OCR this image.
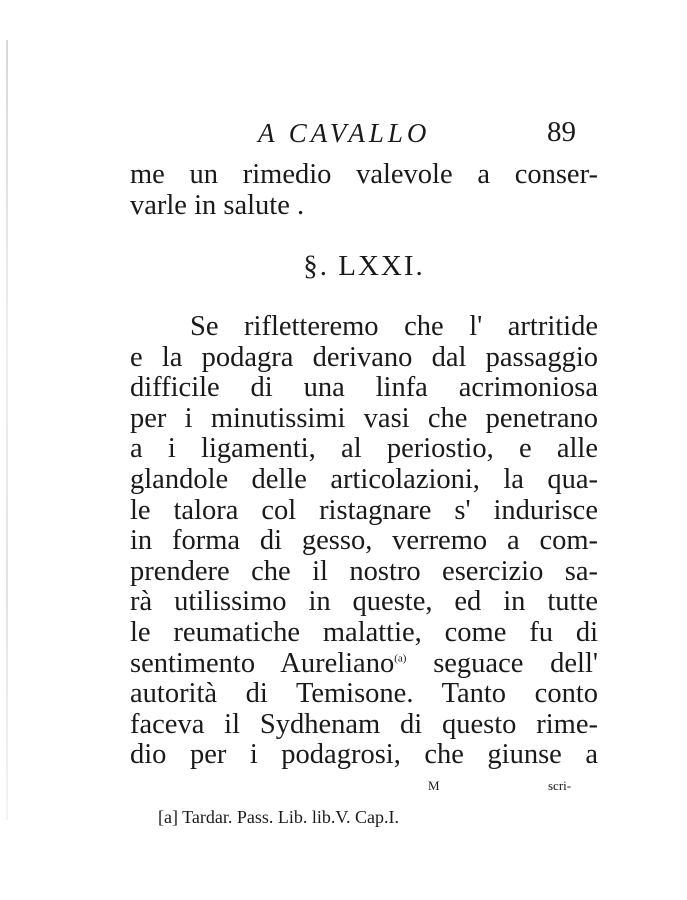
A CAVALLO	89
me un rimedio valevole a conser-
varle in salute .
§. LXXI.
Se rifletteremo che l' artritide
e la podagra derivano dal passaggio
difficile di una linfa acrimoniosa
per i minutissimi vasi che penetrano
a i ligamenti, al periostio, e alle
glandole delle articolazioni, la qua-
le talora col ristagnare s' indurisce
in forma di gesso, verremo a com-
prendere che il nostro esercizio sa-
rà utilissimo in queste, ed in tutte
le reumatiche malattie, come fu di
sentimento Aureliano$^{(a)}$ seguace dell'
autorità di Temisone. Tanto conto
faceva il Sydhenam di questo rime-
dio per i podagrosi, che giunse a
M	scri-
[a] Tardar. Pass. Lib. lib.V. Cap.I.
